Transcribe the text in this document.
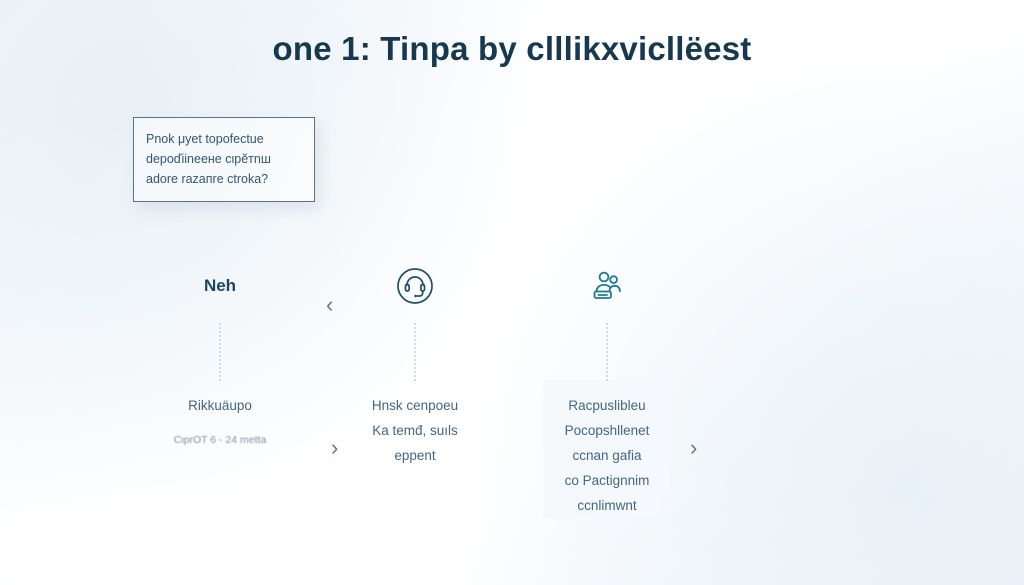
one 1: Tinpa by clllikxvicllëest
Pnok μyet topofectue
depoďiineeнe cιpĕтnш
adore razaпre ctroka?
Neh
Rikkuäupo
CιprOT 6 - 24 metta
Hnsk cenpoeu
Ka temđ, suıls
eppent
Racpuslibleu
Pocopshllenet
ccnan gafia
co Pactignnim
cсnlimwnt
‹
›	›
